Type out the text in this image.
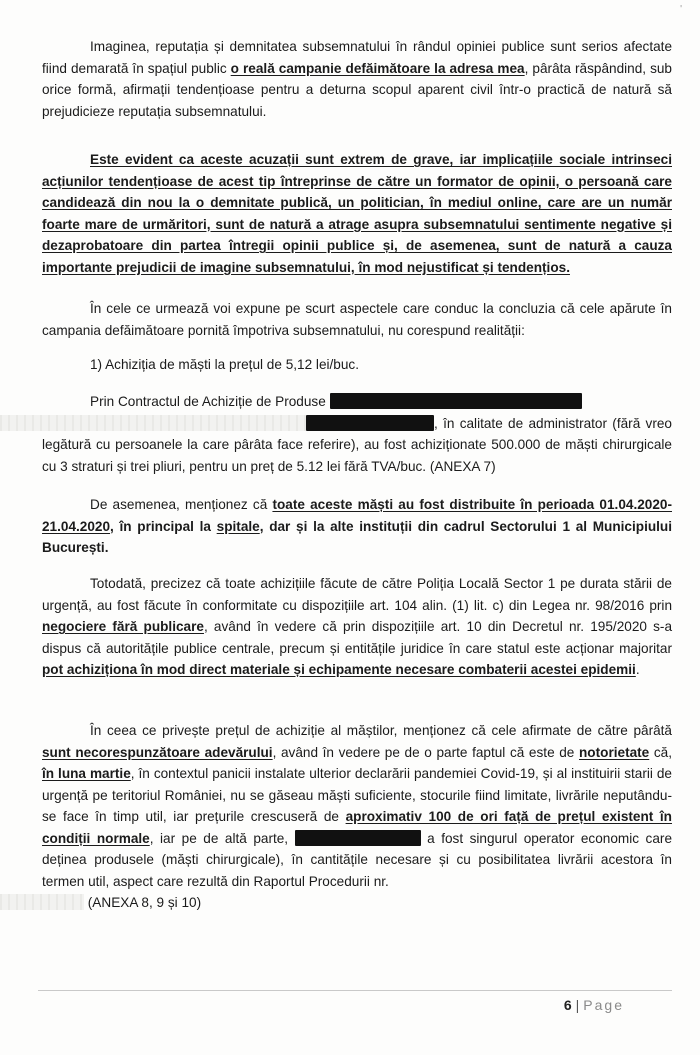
'

Imaginea, reputația și demnitatea subsemnatului în rândul opiniei publice sunt serios afectate fiind demarată în spațiul public o reală campanie defăimătoare la adresa mea, pârâta răspândind, sub orice formă, afirmații tendențioase pentru a deturna scopul aparent civil într-o practică de natură să prejudicieze reputația subsemnatului.

Este evident ca aceste acuzații sunt extrem de grave, iar implicațiile sociale intrinseci acțiunilor tendențioase de acest tip întreprinse de către un formator de opinii, o persoană care candidează din nou la o demnitate publică, un politician, în mediul online, care are un număr foarte mare de urmăritori, sunt de natură a atrage asupra subsemnatului sentimente negative și dezaprobatoare din partea întregii opinii publice și, de asemenea, sunt de natură a cauza importante prejudicii de imagine subsemnatului, în mod nejustificat și tendențios.

În cele ce urmează voi expune pe scurt aspectele care conduc la concluzia că cele apărute în campania defăimătoare pornită împotriva subsemnatului, nu corespund realității:

1) Achiziția de măști la prețul de 5,12 lei/buc.

Prin Contractul de Achiziție de Produse
, în calitate de administrator (fără vreo legătură cu persoanele la care pârâta face referire), au fost achiziționate 500.000 de măști chirurgicale cu 3 straturi și trei pliuri, pentru un preț de 5.12 lei fără TVA/buc. (ANEXA 7)

De asemenea, menționez că toate aceste măști au fost distribuite în perioada 01.04.2020-21.04.2020, în principal la spitale, dar și la alte instituții din cadrul Sectorului 1 al Municipiului București.

Totodată, precizez că toate achizițiile făcute de către Poliția Locală Sector 1 pe durata stării de urgență, au fost făcute în conformitate cu dispozițiile art. 104 alin. (1) lit. c) din Legea nr. 98/2016 prin negociere fără publicare, având în vedere că prin dispozițiile art. 10 din Decretul nr. 195/2020 s-a dispus că autoritățile publice centrale, precum și entitățile juridice în care statul este acționar majoritar pot achiziționa în mod direct materiale și echipamente necesare combaterii acestei epidemii.

În ceea ce privește prețul de achiziție al măștilor, menționez că cele afirmate de către pârâtă sunt necorespunzătoare adevărului, având în vedere pe de o parte faptul că este de notorietate că, în luna martie, în contextul panicii instalate ulterior declarării pandemiei Covid-19, și al instituirii starii de urgență pe teritoriul României, nu se găseau măști suficiente, stocurile fiind limitate, livrările neputându-se face în timp util, iar prețurile crescuseră de aproximativ 100 de ori față de prețul existent în condiții normale, iar pe de altă parte,	a fost singurul operator economic care deținea produsele (măști chirurgicale), în cantitățile necesare și cu posibilitatea livrării acestora în termen util, aspect care rezultă din Raportul Procedurii nr.
(ANEXA 8, 9 și 10)

6 | Page
